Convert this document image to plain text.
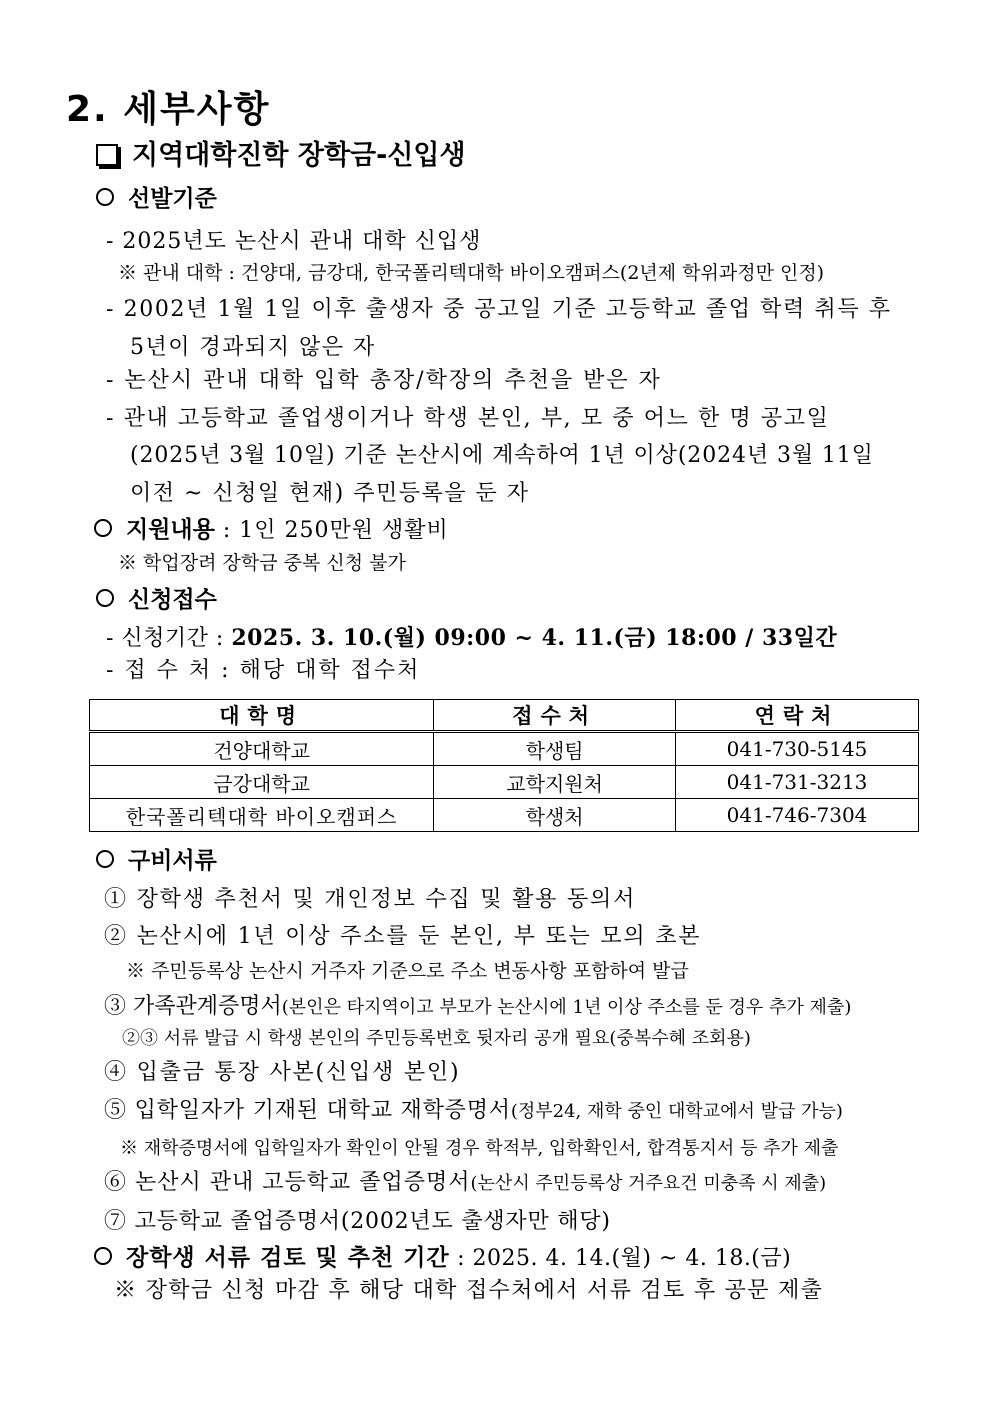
2. 세부사항
지역대학진학 장학금-신입생
선발기준
- 2025년도 논산시 관내 대학 신입생
※ 관내 대학 : 건양대, 금강대, 한국폴리텍대학 바이오캠퍼스(2년제 학위과정만 인정)
- 2002년 1월 1일 이후 출생자 중 공고일 기준 고등학교 졸업 학력 취득 후
5년이 경과되지 않은 자
- 논산시 관내 대학 입학 총장/학장의 추천을 받은 자
- 관내 고등학교 졸업생이거나 학생 본인, 부, 모 중 어느 한 명 공고일
(2025년 3월 10일) 기준 논산시에 계속하여 1년 이상(2024년 3월 11일
이전 ~ 신청일 현재) 주민등록을 둔 자
지원내용 : 1인 250만원 생활비
※ 학업장려 장학금 중복 신청 불가
신청접수
- 신청기간 : 2025. 3. 10.(월) 09:00 ~ 4. 11.(금) 18:00 / 33일간
- 접 수 처 : 해당 대학 접수처
대학명	접수처	연락처
건양대학교	학생팀	041-730-5145
금강대학교	교학지원처	041-731-3213
한국폴리텍대학 바이오캠퍼스	학생처	041-746-7304
구비서류
① 장학생 추천서 및 개인정보 수집 및 활용 동의서
② 논산시에 1년 이상 주소를 둔 본인, 부 또는 모의 초본
※ 주민등록상 논산시 거주자 기준으로 주소 변동사항 포함하여 발급
③ 가족관계증명서(본인은 타지역이고 부모가 논산시에 1년 이상 주소를 둔 경우 추가 제출)
②③ 서류 발급 시 학생 본인의 주민등록번호 뒷자리 공개 필요(중복수혜 조회용)
④ 입출금 통장 사본(신입생 본인)
⑤ 입학일자가 기재된 대학교 재학증명서(정부24, 재학 중인 대학교에서 발급 가능)
※ 재학증명서에 입학일자가 확인이 안될 경우 학적부, 입학확인서, 합격통지서 등 추가 제출
⑥ 논산시 관내 고등학교 졸업증명서(논산시 주민등록상 거주요건 미충족 시 제출)
⑦ 고등학교 졸업증명서(2002년도 출생자만 해당)
장학생 서류 검토 및 추천 기간 : 2025. 4. 14.(월) ~ 4. 18.(금)
※ 장학금 신청 마감 후 해당 대학 접수처에서 서류 검토 후 공문 제출
